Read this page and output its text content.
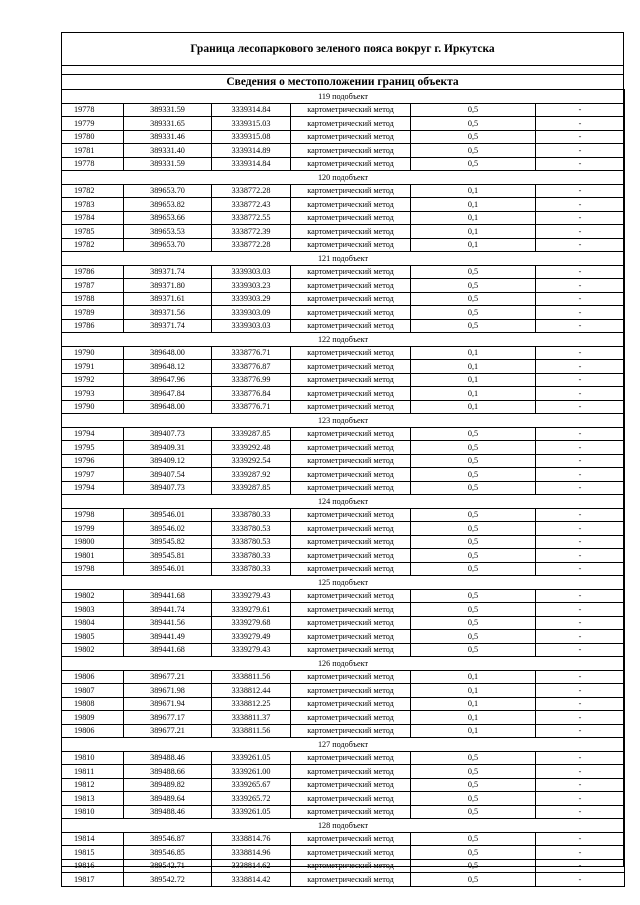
Граница лесопаркового зеленого пояса вокруг г. Иркутска
Сведения о местоположении границ объекта
119 подобъект					
19778	389331.59	3339314.84	картометрический метод	0,5	-
19779	389331.65	3339315.03	картометрический метод	0,5	-
19780	389331.46	3339315.08	картометрический метод	0,5	-
19781	389331.40	3339314.89	картометрический метод	0,5	-
19778	389331.59	3339314.84	картометрический метод	0,5	-
120 подобъект					
19782	389653.70	3338772.28	картометрический метод	0,1	-
19783	389653.82	3338772.43	картометрический метод	0,1	-
19784	389653.66	3338772.55	картометрический метод	0,1	-
19785	389653.53	3338772.39	картометрический метод	0,1	-
19782	389653.70	3338772.28	картометрический метод	0,1	-
121 подобъект					
19786	389371.74	3339303.03	картометрический метод	0,5	-
19787	389371.80	3339303.23	картометрический метод	0,5	-
19788	389371.61	3339303.29	картометрический метод	0,5	-
19789	389371.56	3339303.09	картометрический метод	0,5	-
19786	389371.74	3339303.03	картометрический метод	0,5	-
122 подобъект					
19790	389648.00	3338776.71	картометрический метод	0,1	-
19791	389648.12	3338776.87	картометрический метод	0,1	-
19792	389647.96	3338776.99	картометрический метод	0,1	-
19793	389647.84	3338776.84	картометрический метод	0,1	-
19790	389648.00	3338776.71	картометрический метод	0,1	-
123 подобъект					
19794	389407.73	3339287.85	картометрический метод	0,5	-
19795	389409.31	3339292.48	картометрический метод	0,5	-
19796	389409.12	3339292.54	картометрический метод	0,5	-
19797	389407.54	3339287.92	картометрический метод	0,5	-
19794	389407.73	3339287.85	картометрический метод	0,5	-
124 подобъект					
19798	389546.01	3338780.33	картометрический метод	0,5	-
19799	389546.02	3338780.53	картометрический метод	0,5	-
19800	389545.82	3338780.53	картометрический метод	0,5	-
19801	389545.81	3338780.33	картометрический метод	0,5	-
19798	389546.01	3338780.33	картометрический метод	0,5	-
125 подобъект					
19802	389441.68	3339279.43	картометрический метод	0,5	-
19803	389441.74	3339279.61	картометрический метод	0,5	-
19804	389441.56	3339279.68	картометрический метод	0,5	-
19805	389441.49	3339279.49	картометрический метод	0,5	-
19802	389441.68	3339279.43	картометрический метод	0,5	-
126 подобъект					
19806	389677.21	3338811.56	картометрический метод	0,1	-
19807	389671.98	3338812.44	картометрический метод	0,1	-
19808	389671.94	3338812.25	картометрический метод	0,1	-
19809	389677.17	3338811.37	картометрический метод	0,1	-
19806	389677.21	3338811.56	картометрический метод	0,1	-
127 подобъект					
19810	389488.46	3339261.05	картометрический метод	0,5	-
19811	389488.66	3339261.00	картометрический метод	0,5	-
19812	389489.82	3339265.67	картометрический метод	0,5	-
19813	389489.64	3339265.72	картометрический метод	0,5	-
19810	389488.46	3339261.05	картометрический метод	0,5	-
128 подобъект					
19814	389546.87	3338814.76	картометрический метод	0,5	-
19815	389546.85	3338814.96	картометрический метод	0,5	-
19816	389542.71	3338814.62	картометрический метод	0,5	-
19817	389542.72	3338814.42	картометрический метод	0,5	-
